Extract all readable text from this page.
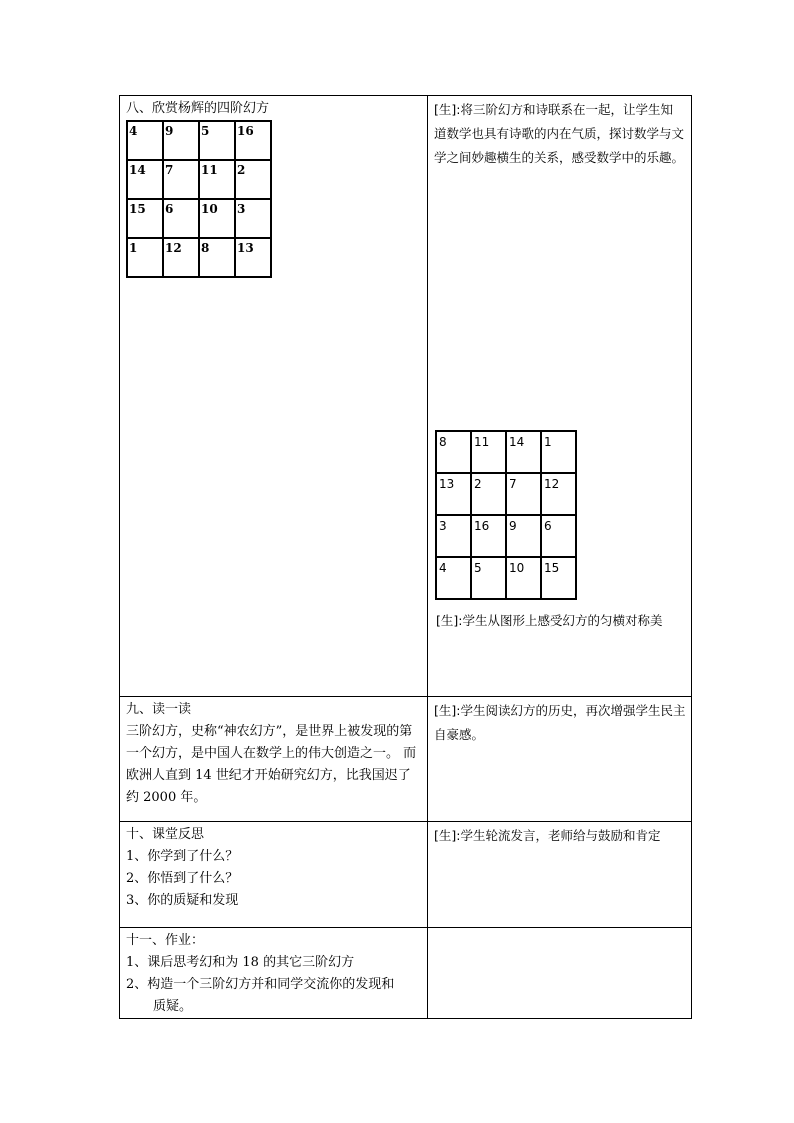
八、欣赏杨辉的四阶幻方
4	9	5	16
14	7	11	2
15	6	10	3
1	12	8	13

[生]:将三阶幻方和诗联系在一起，让学生知道数学也具有诗歌的内在气质，探讨数学与文学之间妙趣横生的关系，感受数学中的乐趣。
8	11	14	1
13	2	7	12
3	16	9	6
4	5	10	15
[生]:学生从图形上感受幻方的匀横对称美

九、读一读
三阶幻方，史称“神农幻方”，是世界上被发现的第一个幻方，是中国人在数学上的伟大创造之一。 而欧洲人直到 14 世纪才开始研究幻方，比我国迟了约 2000 年。

[生]:学生阅读幻方的历史，再次增强学生民主自豪感。

十、课堂反思
1、你学到了什么？
2、你悟到了什么？
3、你的质疑和发现

[生]:学生轮流发言，老师给与鼓励和肯定

十一、作业：
1、课后思考幻和为 18 的其它三阶幻方
2、构造一个三阶幻方并和同学交流你的发现和
质疑。
